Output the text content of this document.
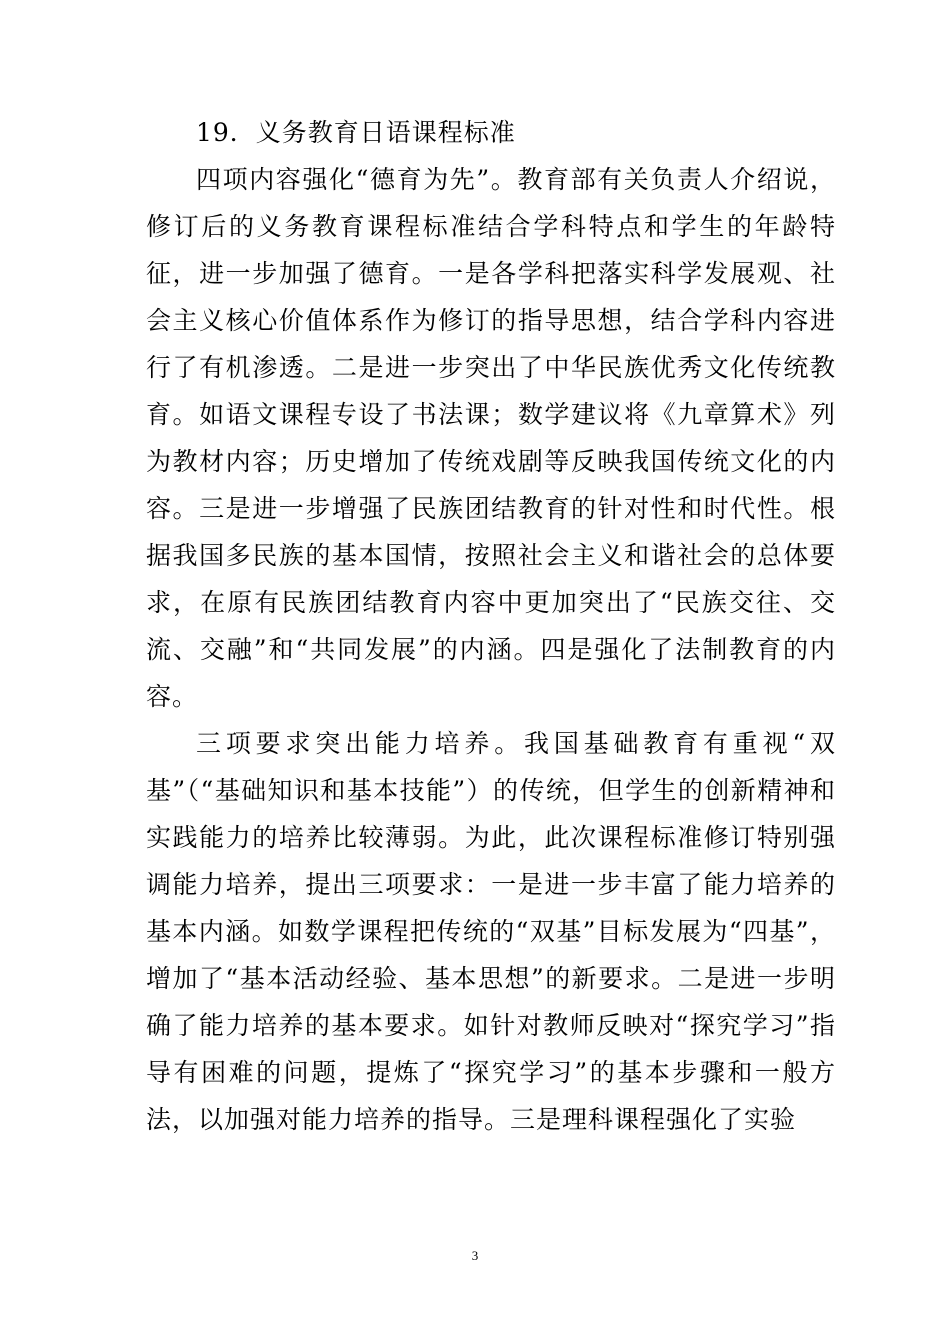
19．义务教育日语课程标准

四项内容强化“德育为先”。教育部有关负责人介绍说，修订后的义务教育课程标准结合学科特点和学生的年龄特征，进一步加强了德育。一是各学科把落实科学发展观、社会主义核心价值体系作为修订的指导思想，结合学科内容进行了有机渗透。二是进一步突出了中华民族优秀文化传统教育。如语文课程专设了书法课；数学建议将《九章算术》列为教材内容；历史增加了传统戏剧等反映我国传统文化的内容。三是进一步增强了民族团结教育的针对性和时代性。根据我国多民族的基本国情，按照社会主义和谐社会的总体要求，在原有民族团结教育内容中更加突出了“民族交往、交流、交融”和“共同发展”的内涵。四是强化了法制教育的内容。

三项要求突出能力培养。我国基础教育有重视“双基”（“基础知识和基本技能”）的传统，但学生的创新精神和实践能力的培养比较薄弱。为此，此次课程标准修订特别强调能力培养，提出三项要求：一是进一步丰富了能力培养的基本内涵。如数学课程把传统的“双基”目标发展为“四基”，增加了“基本活动经验、基本思想”的新要求。二是进一步明确了能力培养的基本要求。如针对教师反映对“探究学习”指导有困难的问题，提炼了“探究学习”的基本步骤和一般方法，以加强对能力培养的指导。三是理科课程强化了实验

3
